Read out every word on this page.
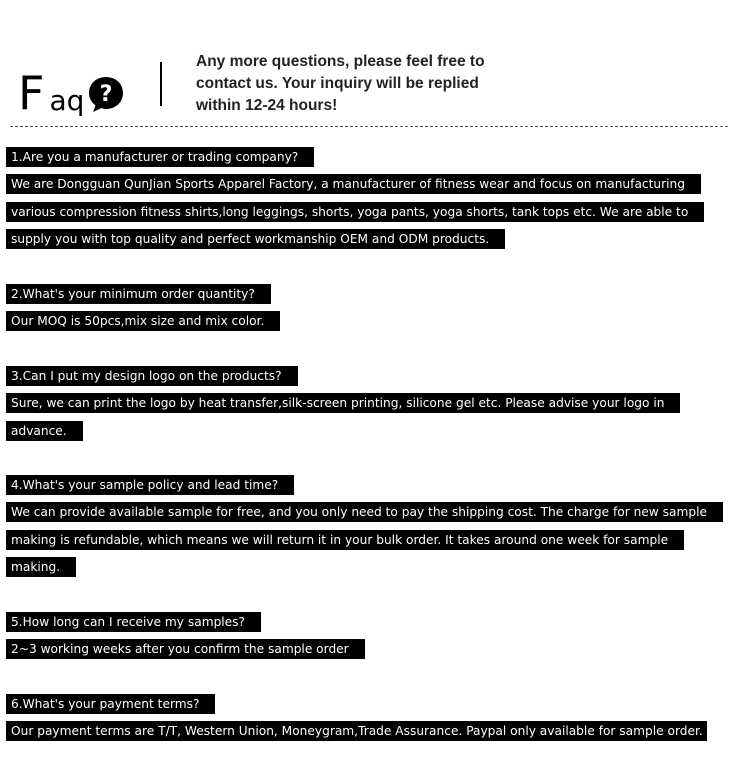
F aq ?
Any more questions, please feel free to
contact us. Your inquiry will be replied
within 12-24 hours!
1.Are you a manufacturer or trading company?
We are Dongguan QunJian Sports Apparel Factory, a manufacturer of fitness wear and focus on manufacturing
various compression fitness shirts,long leggings, shorts, yoga pants, yoga shorts, tank tops etc. We are able to
supply you with top quality and perfect workmanship OEM and ODM products.
2.What's your minimum order quantity?
Our MOQ is 50pcs,mix size and mix color.
3.Can I put my design logo on the products?
Sure, we can print the logo by heat transfer,silk-screen printing, silicone gel etc. Please advise your logo in
advance.
4.What's your sample policy and lead time?
We can provide available sample for free, and you only need to pay the shipping cost. The charge for new sample
making is refundable, which means we will return it in your bulk order. It takes around one week for sample
making.
5.How long can I receive my samples?
2~3 working weeks after you confirm the sample order
6.What's your payment terms?
Our payment terms are T/T, Western Union, Moneygram,Trade Assurance. Paypal only available for sample order.
